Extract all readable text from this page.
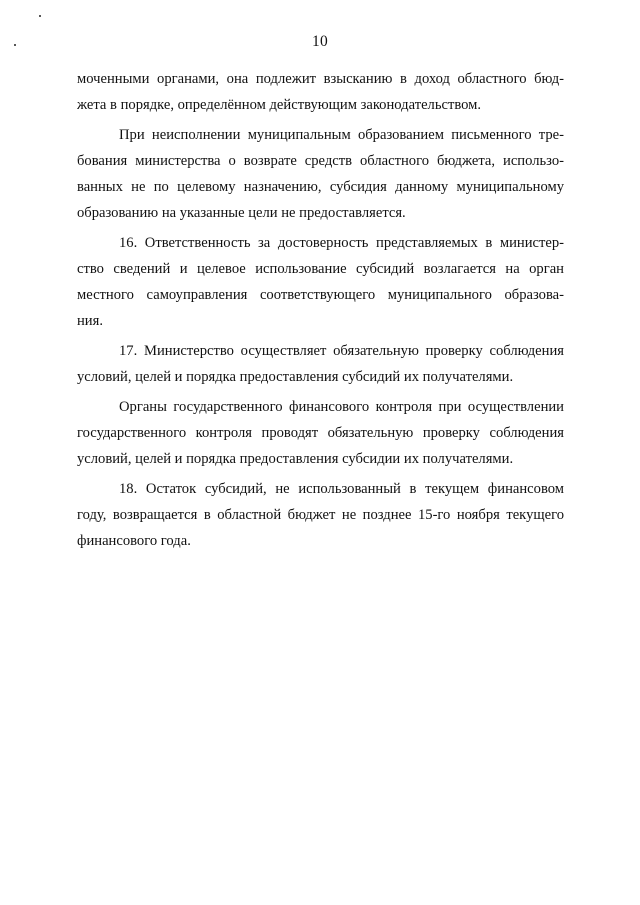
10
моченными органами, она подлежит взысканию в доход областного бюд-
жета в порядке, определённом действующим законодательством.
При неисполнении муниципальным образованием письменного тре-
бования министерства о возврате средств областного бюджета, использо-
ванных не по целевому назначению, субсидия данному муниципальному
образованию на указанные цели не предоставляется.
16. Ответственность за достоверность представляемых в министер-
ство сведений и целевое использование субсидий возлагается на орган
местного самоуправления соответствующего муниципального образова-
ния.
17. Министерство осуществляет обязательную проверку соблюдения
условий, целей и порядка предоставления субсидий их получателями.
Органы государственного финансового контроля при осуществлении
государственного контроля проводят обязательную проверку соблюдения
условий, целей и порядка предоставления субсидии их получателями.
18. Остаток субсидий, не использованный в текущем финансовом
году, возвращается в областной бюджет не позднее 15-го ноября текущего
финансового года.
